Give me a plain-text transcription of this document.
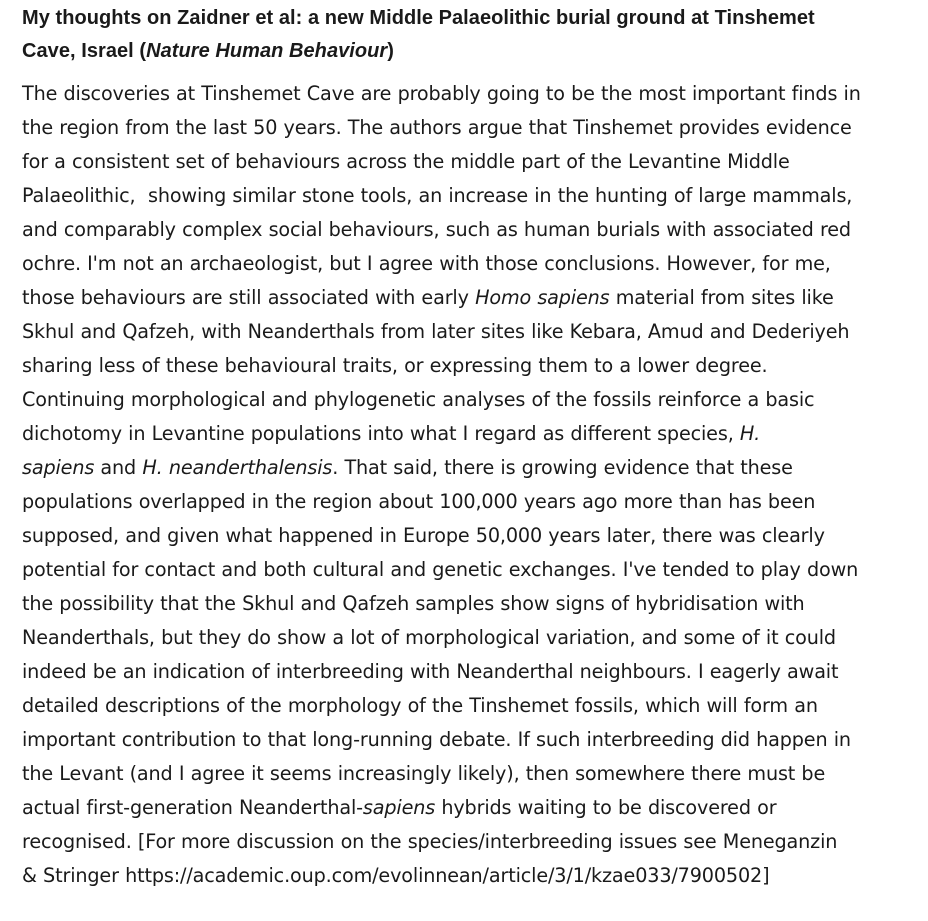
My thoughts on Zaidner et al: a new Middle Palaeolithic burial ground at Tinshemet
Cave, Israel (Nature Human Behaviour)
The discoveries at Tinshemet Cave are probably going to be the most important finds in
the region from the last 50 years. The authors argue that Tinshemet provides evidence
for a consistent set of behaviours across the middle part of the Levantine Middle
Palaeolithic,  showing similar stone tools, an increase in the hunting of large mammals,
and comparably complex social behaviours, such as human burials with associated red
ochre. I'm not an archaeologist, but I agree with those conclusions. However, for me,
those behaviours are still associated with early Homo sapiens material from sites like
Skhul and Qafzeh, with Neanderthals from later sites like Kebara, Amud and Dederiyeh
sharing less of these behavioural traits, or expressing them to a lower degree.
Continuing morphological and phylogenetic analyses of the fossils reinforce a basic
dichotomy in Levantine populations into what I regard as different species, H.
sapiens and H. neanderthalensis. That said, there is growing evidence that these
populations overlapped in the region about 100,000 years ago more than has been
supposed, and given what happened in Europe 50,000 years later, there was clearly
potential for contact and both cultural and genetic exchanges. I've tended to play down
the possibility that the Skhul and Qafzeh samples show signs of hybridisation with
Neanderthals, but they do show a lot of morphological variation, and some of it could
indeed be an indication of interbreeding with Neanderthal neighbours. I eagerly await
detailed descriptions of the morphology of the Tinshemet fossils, which will form an
important contribution to that long-running debate. If such interbreeding did happen in
the Levant (and I agree it seems increasingly likely), then somewhere there must be
actual first-generation Neanderthal-sapiens hybrids waiting to be discovered or
recognised. [For more discussion on the species/interbreeding issues see Meneganzin
& Stringer https://academic.oup.com/evolinnean/article/3/1/kzae033/7900502]
